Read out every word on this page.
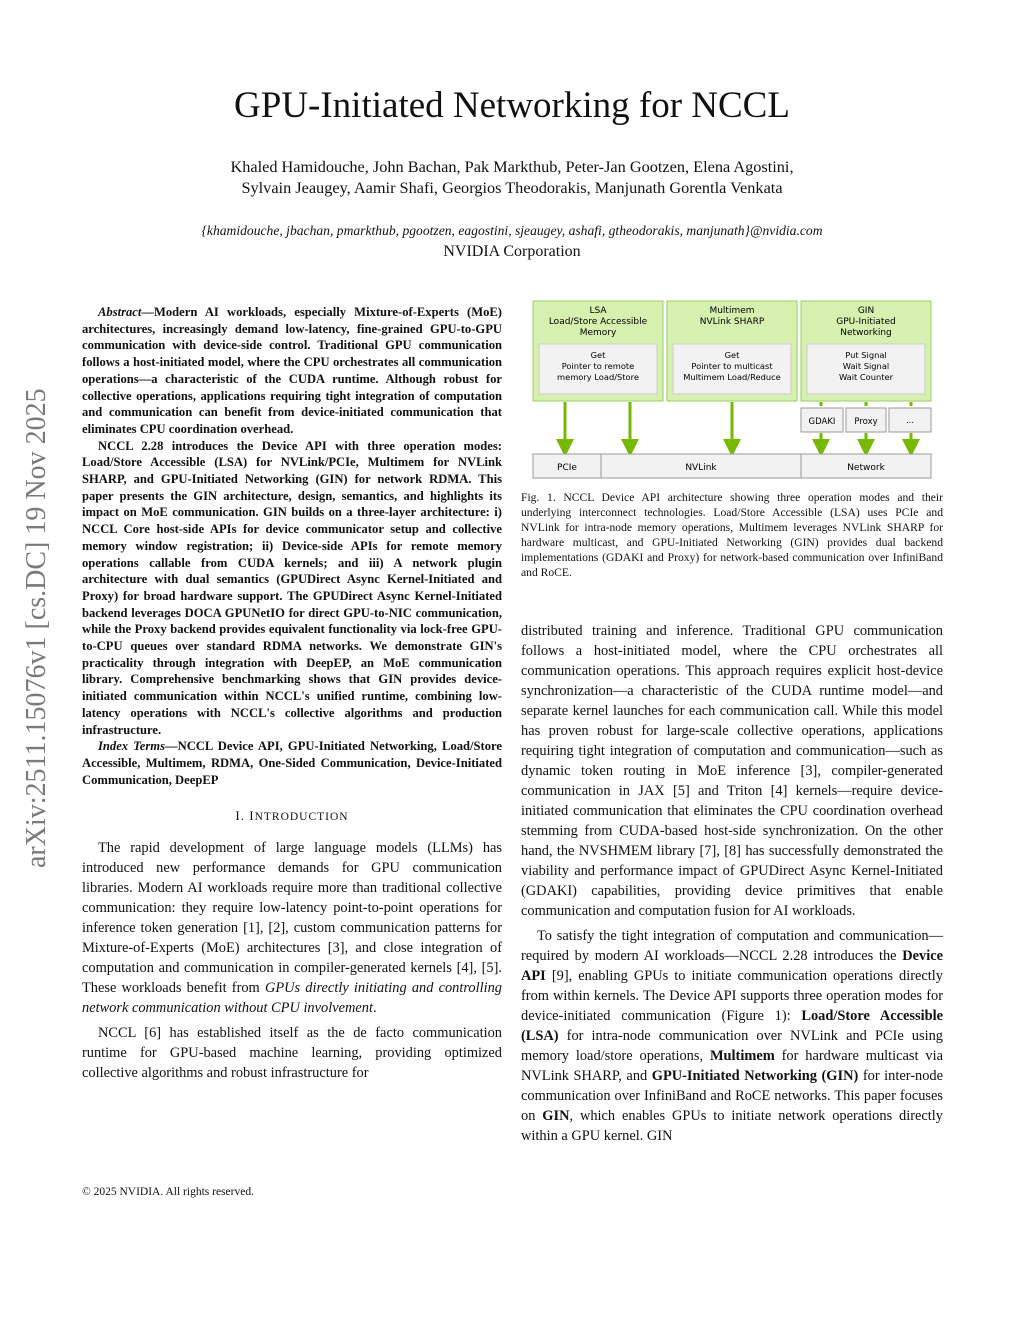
GPU-Initiated Networking for NCCL
Khaled Hamidouche, John Bachan, Pak Markthub, Peter-Jan Gootzen, Elena Agostini,
Sylvain Jeaugey, Aamir Shafi, Georgios Theodorakis, Manjunath Gorentla Venkata
{khamidouche, jbachan, pmarkthub, pgootzen, eagostini, sjeaugey, ashafi, gtheodorakis, manjunath}@nvidia.com
NVIDIA Corporation
arXiv:2511.15076v1 [cs.DC] 19 Nov 2025

Abstract—Modern AI workloads, especially Mixture-of-Experts (MoE) architectures, increasingly demand low-latency, fine-grained GPU-to-GPU communication with device-side control. Traditional GPU communication follows a host-initiated model, where the CPU orchestrates all communication operations—a characteristic of the CUDA runtime. Although robust for collective operations, applications requiring tight integration of computation and communication can benefit from device-initiated communication that eliminates CPU coordination overhead.

NCCL 2.28 introduces the Device API with three operation modes: Load/Store Accessible (LSA) for NVLink/PCIe, Multimem for NVLink SHARP, and GPU-Initiated Networking (GIN) for network RDMA. This paper presents the GIN architecture, design, semantics, and highlights its impact on MoE communication. GIN builds on a three-layer architecture: i) NCCL Core host-side APIs for device communicator setup and collective memory window registration; ii) Device-side APIs for remote memory operations callable from CUDA kernels; and iii) A network plugin architecture with dual semantics (GPUDirect Async Kernel-Initiated and Proxy) for broad hardware support. The GPUDirect Async Kernel-Initiated backend leverages DOCA GPUNetIO for direct GPU-to-NIC communication, while the Proxy backend provides equivalent functionality via lock-free GPU-to-CPU queues over standard RDMA networks. We demonstrate GIN's practicality through integration with DeepEP, an MoE communication library. Comprehensive benchmarking shows that GIN provides device-initiated communication within NCCL's unified runtime, combining low-latency operations with NCCL's collective algorithms and production infrastructure.

Index Terms—NCCL Device API, GPU-Initiated Networking, Load/Store Accessible, Multimem, RDMA, One-Sided Communication, Device-Initiated Communication, DeepEP

I. INTRODUCTION

The rapid development of large language models (LLMs) has introduced new performance demands for GPU communication libraries. Modern AI workloads require more than traditional collective communication: they require low-latency point-to-point operations for inference token generation [1], [2], custom communication patterns for Mixture-of-Experts (MoE) architectures [3], and close integration of computation and communication in compiler-generated kernels [4], [5]. These workloads benefit from GPUs directly initiating and controlling network communication without CPU involvement.

NCCL [6] has established itself as the de facto communication runtime for GPU-based machine learning, providing optimized collective algorithms and robust infrastructure for

© 2025 NVIDIA. All rights reserved.
LSA
Load/Store Accessible
Memory
Get
Pointer to remote
memory Load/Store
Multimem
NVLink SHARP
Get
Pointer to multicast
Multimem Load/Reduce
GIN
GPU-Initiated
Networking
Put Signal
Wait Signal
Wait Counter
GDAKI Proxy	...
PCIe	NVLink	Network
Fig. 1. NCCL Device API architecture showing three operation modes and their underlying interconnect technologies. Load/Store Accessible (LSA) uses PCIe and NVLink for intra-node memory operations, Multimem leverages NVLink SHARP for hardware multicast, and GPU-Initiated Networking (GIN) provides dual backend implementations (GDAKI and Proxy) for network-based communication over InfiniBand and RoCE.

distributed training and inference. Traditional GPU communication follows a host-initiated model, where the CPU orchestrates all communication operations. This approach requires explicit host-device synchronization—a characteristic of the CUDA runtime model—and separate kernel launches for each communication call. While this model has proven robust for large-scale collective operations, applications requiring tight integration of computation and communication—such as dynamic token routing in MoE inference [3], compiler-generated communication in JAX [5] and Triton [4] kernels—require device-initiated communication that eliminates the CPU coordination overhead stemming from CUDA-based host-side synchronization. On the other hand, the NVSHMEM library [7], [8] has successfully demonstrated the viability and performance impact of GPUDirect Async Kernel-Initiated (GDAKI) capabilities, providing device primitives that enable communication and computation fusion for AI workloads.

To satisfy the tight integration of computation and communication—required by modern AI workloads—NCCL 2.28 introduces the Device API [9], enabling GPUs to initiate communication operations directly from within kernels. The Device API supports three operation modes for device-initiated communication (Figure 1): Load/Store Accessible (LSA) for intra-node communication over NVLink and PCIe using memory load/store operations, Multimem for hardware multicast via NVLink SHARP, and GPU-Initiated Networking (GIN) for inter-node communication over InfiniBand and RoCE networks. This paper focuses on GIN, which enables GPUs to initiate network operations directly within a GPU kernel. GIN
